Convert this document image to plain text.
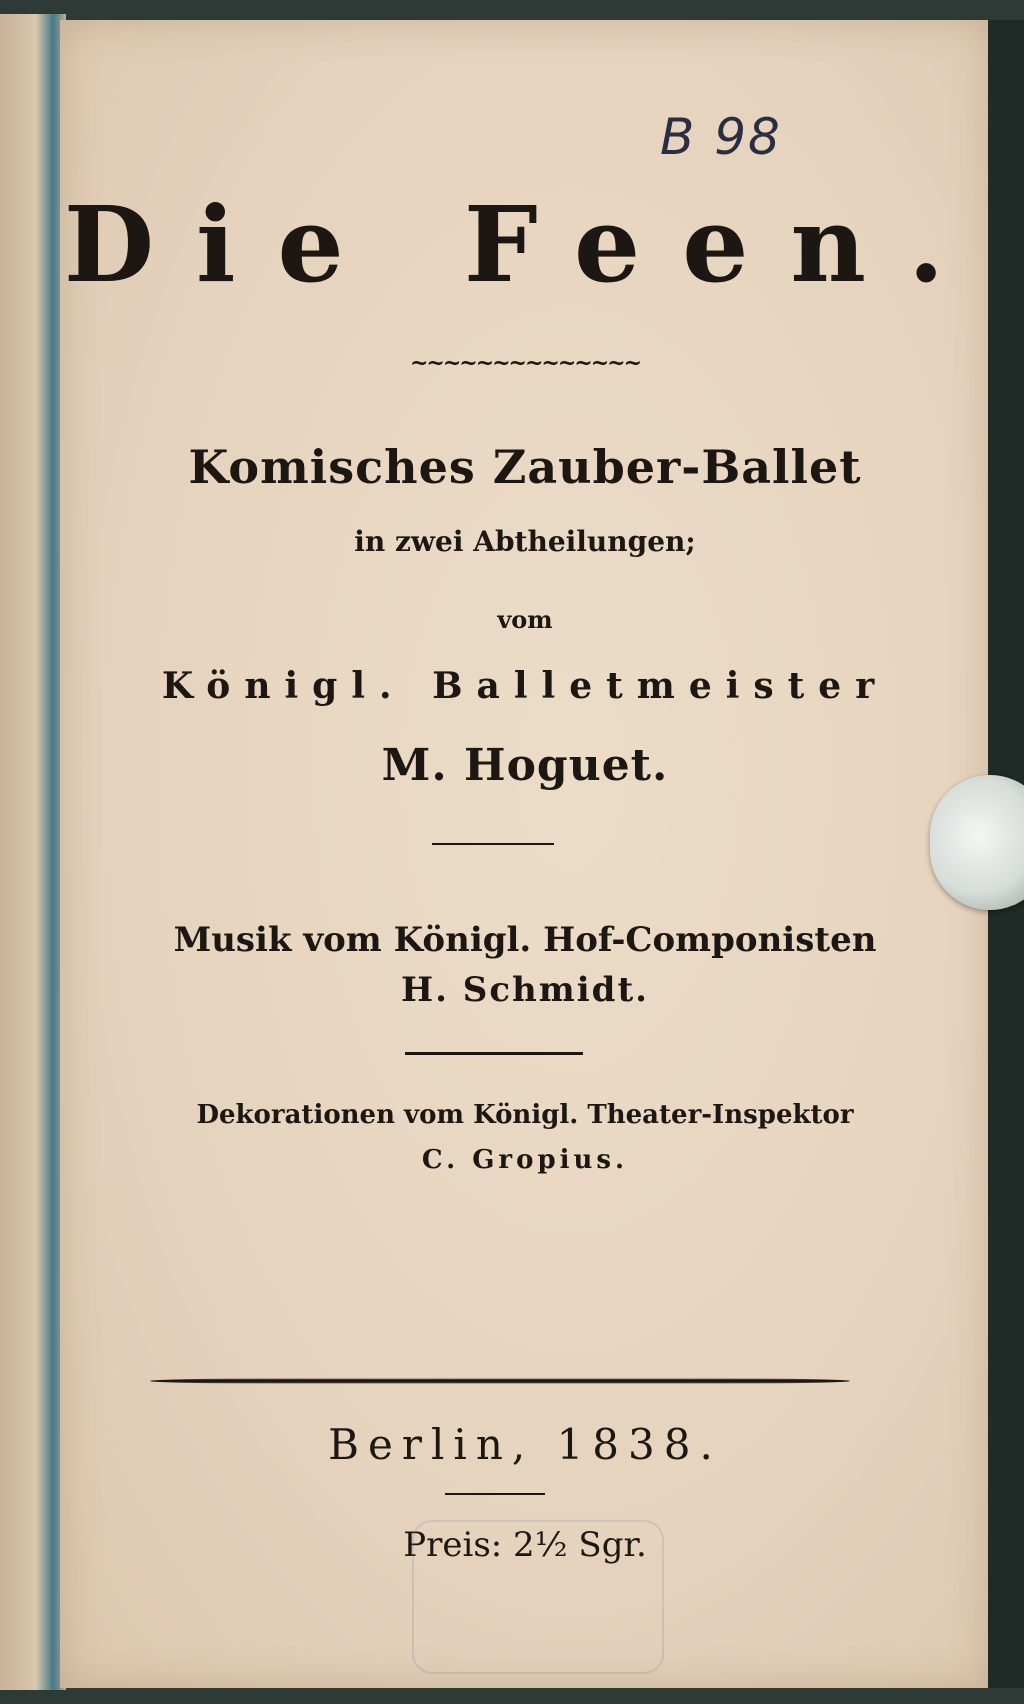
B 98
Die Feen.
~~~~~~~~~~~~~~
Komisches Zauber-Ballet
in zwei Abtheilungen;
vom
Königl. Balletmeister
M. Hoguet.
Musik vom Königl. Hof-Componisten
H. Schmidt.
Dekorationen vom Königl. Theater-Inspektor
C. Gropius.
Berlin, 1838.
Preis: 2½ Sgr.
